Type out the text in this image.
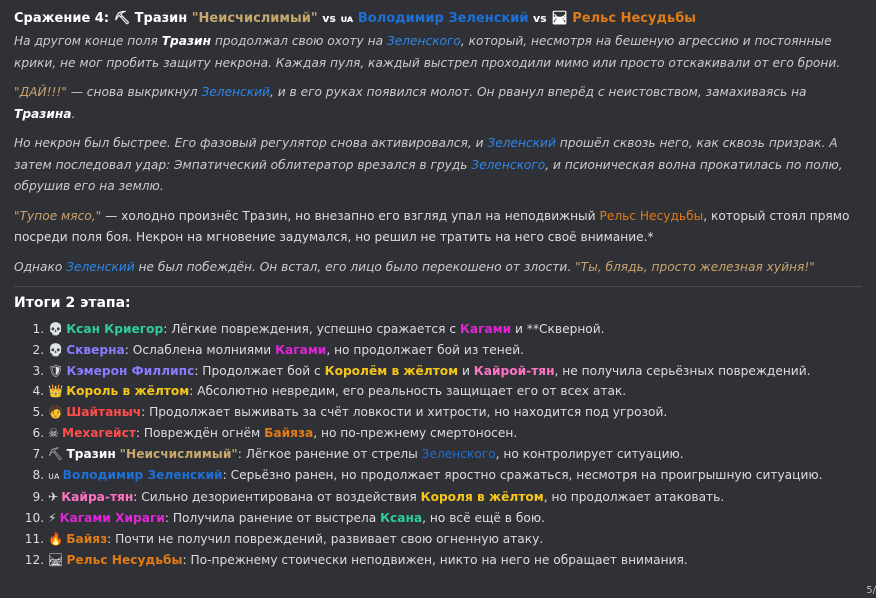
Сражение 4: ⛏ Тразин "Неисчислимый" vs ᴜᴀ Володимир Зеленский vs 🛤 Рельс Несудьбы
На другом конце поля Тразин продолжал свою охоту на Зеленского, который, несмотря на бешеную агрессию и постоянные крики, не мог пробить защиту некрона. Каждая пуля, каждый выстрел проходили мимо или просто отскакивали от его брони.
"ДАЙ!!!" — снова выкрикнул Зеленский, и в его руках появился молот. Он рванул вперёд с неистовством, замахиваясь на Тразина.
Но некрон был быстрее. Его фазовый регулятор снова активировался, и Зеленский прошёл сквозь него, как сквозь призрак. А затем последовал удар: Эмпатический облитератор врезался в грудь Зеленского, и псионическая волна прокатилась по полю, обрушив его на землю.
"Тупое мясо," — холодно произнёс Тразин, но внезапно его взгляд упал на неподвижный Рельс Несудьбы, который стоял прямо посреди поля боя. Некрон на мгновение задумался, но решил не тратить на него своё внимание.*
Однако Зеленский не был побеждён. Он встал, его лицо было перекошено от злости. "Ты, блядь, просто железная хуйня!"
Итоги 2 этапа:
1. 💀 Ксан Криегор: Лёгкие повреждения, успешно сражается с Кагами и **Скверной.
2. 💀 Скверна: Ослаблена молниями Кагами, но продолжает бой из теней.
3. 🛡 Кэмерон Филлипс: Продолжает бой с Королём в жёлтом и Кайрой-тян, не получила серьёзных повреждений.
4. 👑 Король в жёлтом: Абсолютно невредим, его реальность защищает его от всех атак.
5. 🧑 Шайтаныч: Продолжает выживать за счёт ловкости и хитрости, но находится под угрозой.
6. ☠ Мехагейст: Повреждён огнём Байяза, но по-прежнему смертоносен.
7. ⛏ Тразин "Неисчислимый": Лёгкое ранение от стрелы Зеленского, но контролирует ситуацию.
8. ᴜᴀ Володимир Зеленский: Серьёзно ранен, но продолжает яростно сражаться, несмотря на проигрышную ситуацию.
9. ✈ Кайра-тян: Сильно дезориентирована от воздействия Короля в жёлтом, но продолжает атаковать.
10. ⚡ Кагами Хираги: Получила ранение от выстрела Ксана, но всё ещё в бою.
11. 🔥 Байяз: Почти не получил повреждений, развивает свою огненную атаку.
12. 🛤 Рельс Несудьбы: По-прежнему стоически неподвижен, никто на него не обращает внимания.
5/
